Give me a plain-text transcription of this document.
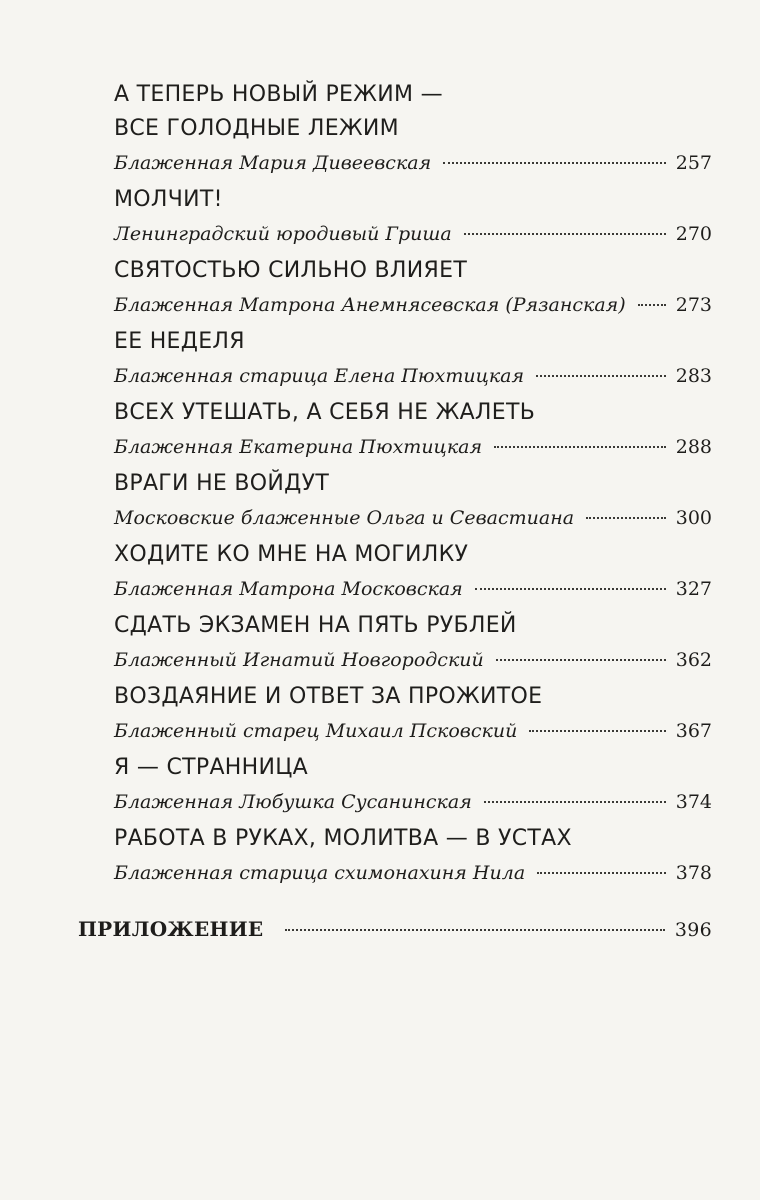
А ТЕПЕРЬ НОВЫЙ РЕЖИМ —
ВСЕ ГОЛОДНЫЕ ЛЕЖИМ
Блаженная Мария Дивеевская	257
МОЛЧИТ!
Ленинградский юродивый Гриша	270
СВЯТОСТЬЮ СИЛЬНО ВЛИЯЕТ
Блаженная Матрона Анемнясевская (Рязанская)	273
ЕЕ НЕДЕЛЯ
Блаженная старица Елена Пюхтицкая	283
ВСЕХ УТЕШАТЬ, А СЕБЯ НЕ ЖАЛЕТЬ
Блаженная Екатерина Пюхтицкая	288
ВРАГИ НЕ ВОЙДУТ
Московские блаженные Ольга и Севастиана	300
ХОДИТЕ КО МНЕ НА МОГИЛКУ
Блаженная Матрона Московская	327
СДАТЬ ЭКЗАМЕН НА ПЯТЬ РУБЛЕЙ
Блаженный Игнатий Новгородский	362
ВОЗДАЯНИЕ И ОТВЕТ ЗА ПРОЖИТОЕ
Блаженный старец Михаил Псковский	367
Я — СТРАННИЦА
Блаженная Любушка Сусанинская	374
РАБОТА В РУКАХ, МОЛИТВА — В УСТАХ
Блаженная старица схимонахиня Нила	378
ПРИЛОЖЕНИЕ	396
